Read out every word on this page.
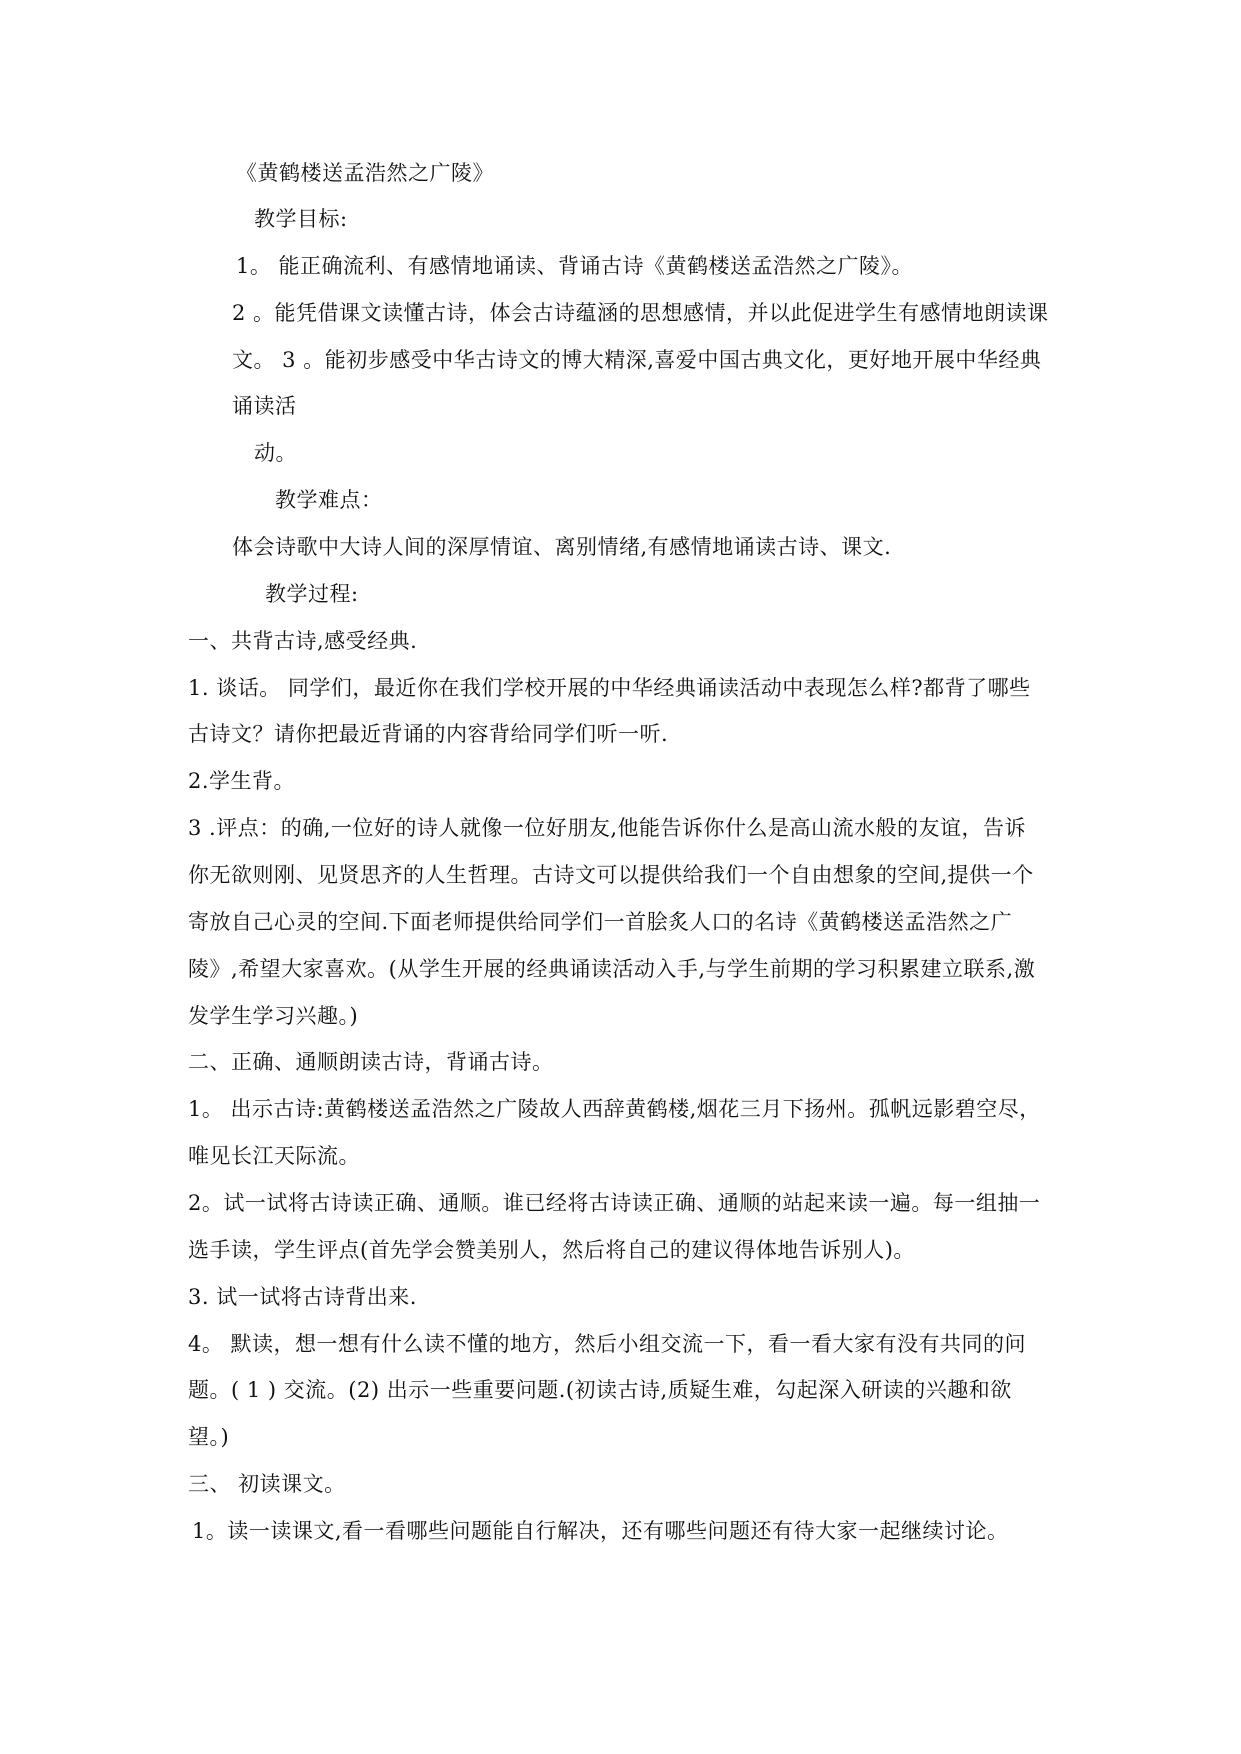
《黄鹤楼送孟浩然之广陵》
教学目标:
1。 能正确流利、有感情地诵读、背诵古诗《黄鹤楼送孟浩然之广陵》。
2 。能凭借课文读懂古诗，体会古诗蕴涵的思想感情，并以此促进学生有感情地朗读课
文。 3 。能初步感受中华古诗文的博大精深,喜爱中国古典文化，更好地开展中华经典
诵读活
动。
教学难点：
体会诗歌中大诗人间的深厚情谊、离别情绪,有感情地诵读古诗、课文.
教学过程:
一、共背古诗,感受经典.
1. 谈话。 同学们，最近你在我们学校开展的中华经典诵读活动中表现怎么样?都背了哪些
古诗文？请你把最近背诵的内容背给同学们听一听.
2.学生背。
3 .评点：的确,一位好的诗人就像一位好朋友,他能告诉你什么是高山流水般的友谊，告诉
你无欲则刚、见贤思齐的人生哲理。古诗文可以提供给我们一个自由想象的空间,提供一个
寄放自己心灵的空间.下面老师提供给同学们一首脍炙人口的名诗《黄鹤楼送孟浩然之广
陵》,希望大家喜欢。(从学生开展的经典诵读活动入手,与学生前期的学习积累建立联系,激
发学生学习兴趣。)
二、正确、通顺朗读古诗，背诵古诗。
1。 出示古诗:黄鹤楼送孟浩然之广陵故人西辞黄鹤楼,烟花三月下扬州。孤帆远影碧空尽，
唯见长江天际流。
2。试一试将古诗读正确、通顺。谁已经将古诗读正确、通顺的站起来读一遍。每一组抽一
选手读，学生评点(首先学会赞美别人，然后将自己的建议得体地告诉别人)。
3. 试一试将古诗背出来.
4。 默读，想一想有什么读不懂的地方，然后小组交流一下，看一看大家有没有共同的问
题。( 1 ) 交流。(2) 出示一些重要问题.(初读古诗,质疑生难，勾起深入研读的兴趣和欲
望。)
三、 初读课文。
1。读一读课文,看一看哪些问题能自行解决，还有哪些问题还有待大家一起继续讨论。
